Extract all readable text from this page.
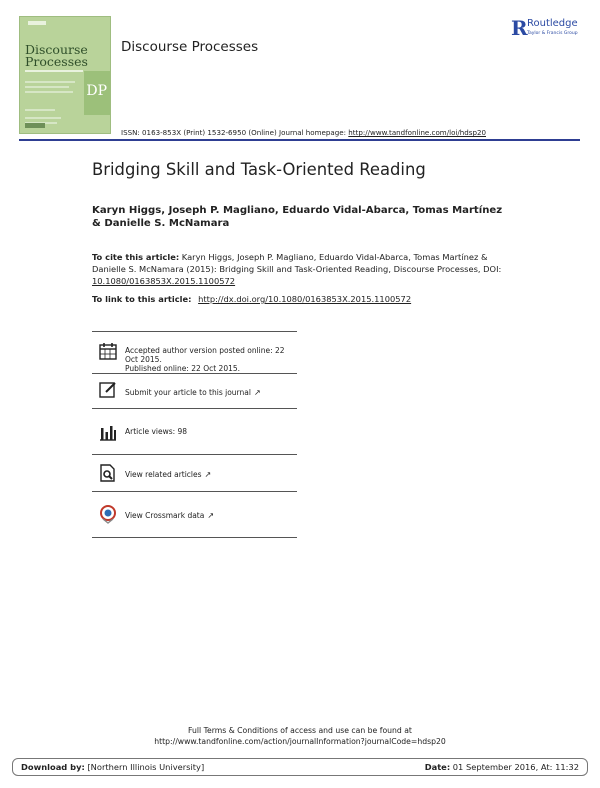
Discourse
Processes
DP
Discourse Processes
R Routledge
Taylor & Francis Group
ISSN: 0163-853X (Print) 1532-6950 (Online) Journal homepage: http://www.tandfonline.com/loi/hdsp20
Bridging Skill and Task-Oriented Reading
Karyn Higgs, Joseph P. Magliano, Eduardo Vidal-Abarca, Tomas Martínez & Danielle S. McNamara
To cite this article: Karyn Higgs, Joseph P. Magliano, Eduardo Vidal-Abarca, Tomas Martínez & Danielle S. McNamara (2015): Bridging Skill and Task-Oriented Reading, Discourse Processes, DOI: 10.1080/0163853X.2015.1100572
To link to this article: http://dx.doi.org/10.1080/0163853X.2015.1100572
Accepted author version posted online: 22
Oct 2015.
Published online: 22 Oct 2015.
Submit your article to this journal ↗
Article views: 98
View related articles ↗
View Crossmark data ↗
Full Terms & Conditions of access and use can be found at
http://www.tandfonline.com/action/journalInformation?journalCode=hdsp20
Download by: [Northern Illinois University]	Date: 01 September 2016, At: 11:32
